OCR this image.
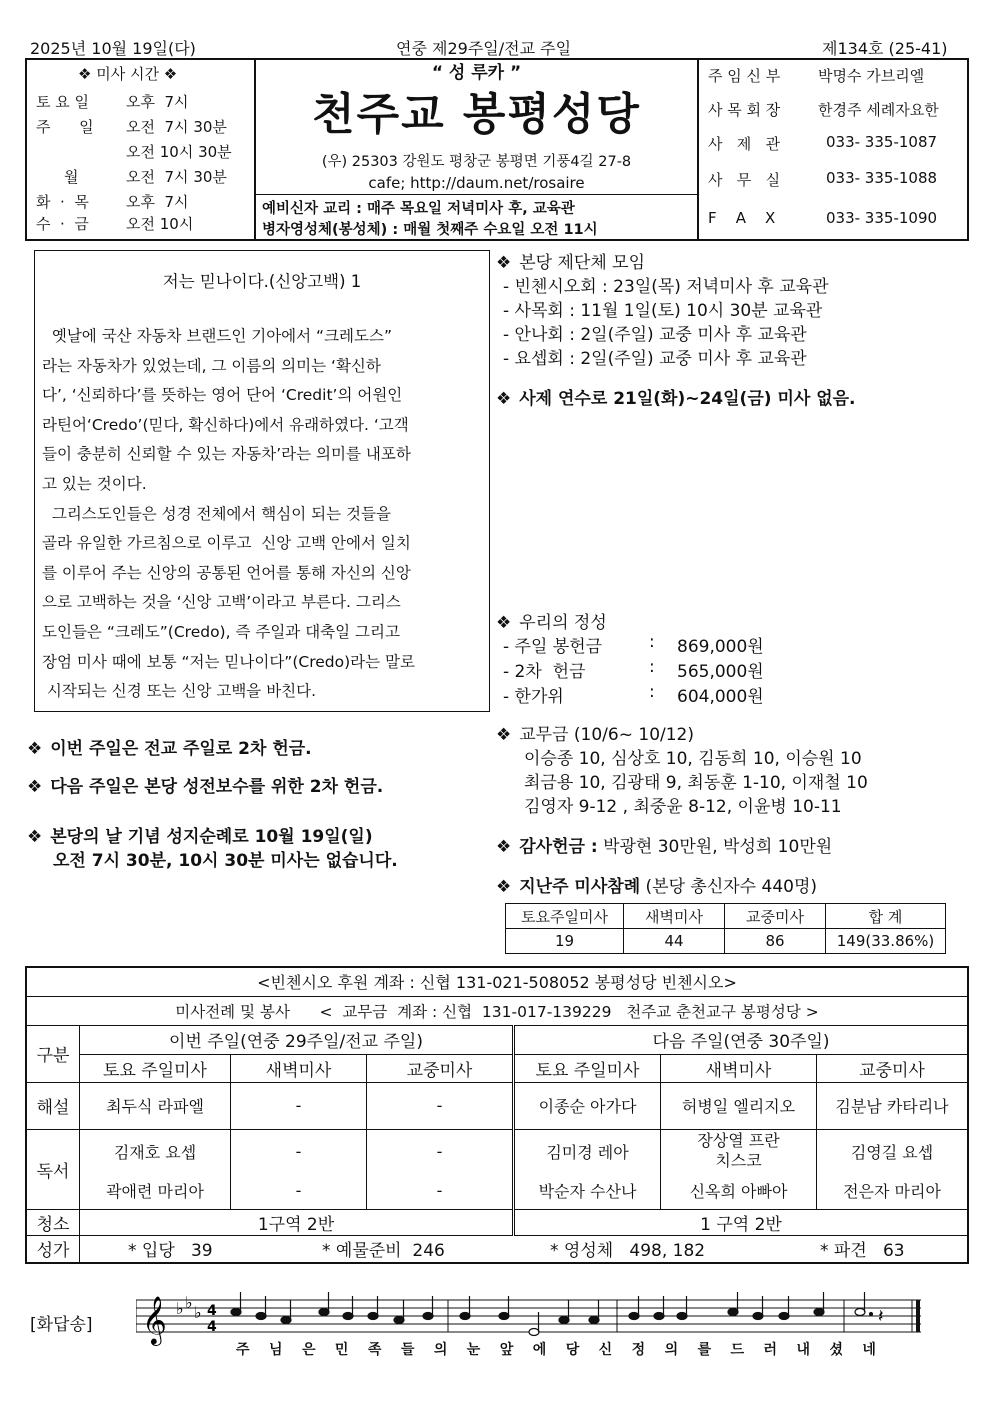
2025년 10월 19일(다)	연중 제29주일/전교 주일	제134호 (25-41)
❖ 미사 시간 ❖
토 요 일	오후  7시
주      일	오전  7시 30분
오전 10시 30분
월	오전  7시 30분
화  ·  목	오후  7시
수  ·  금	오전 10시
“ 성 루카 ”
천주교 봉평성당
(우) 25303 강원도 평창군 봉평면 기풍4길 27-8
cafe; http://daum.net/rosaire
예비신자 교리 : 매주 목요일 저녁미사 후, 교육관
병자영성체(봉성체) : 매월 첫째주 수요일 오전 11시
주 임 신 부	박명수 가브리엘
사 목 회 장	한경주 세례자요한
사   제   관	033- 335-1087
사   무   실	033- 335-1088
F    A    X	033- 335-1090
저는 믿나이다.(신앙고백) 1
옛날에 국산 자동차 브랜드인 기아에서 “크레도스”
라는 자동차가 있었는데, 그 이름의 의미는 ‘확신하
다’, ‘신뢰하다’를 뜻하는 영어 단어 ‘Credit’의 어원인
라틴어‘Credo’(믿다, 확신하다)에서 유래하였다. ‘고객
들이 충분히 신뢰할 수 있는 자동차’라는 의미를 내포하
고 있는 것이다.
그리스도인들은 성경 전체에서 핵심이 되는 것들을
골라 유일한 가르침으로 이루고  신앙 고백 안에서 일치
를 이루어 주는 신앙의 공통된 언어를 통해 자신의 신앙
으로 고백하는 것을 ‘신앙 고백’이라고 부른다. 그리스
도인들은 “크레도”(Credo), 즉 주일과 대축일 그리고
장엄 미사 때에 보통 “저는 믿나이다”(Credo)라는 말로
시작되는 신경 또는 신앙 고백을 바친다.
❖ 이번 주일은 전교 주일로 2차 헌금.
❖ 다음 주일은 본당 성전보수를 위한 2차 헌금.
❖ 본당의 날 기념 성지순례로 10월 19일(일)
오전 7시 30분, 10시 30분 미사는 없습니다.
❖ 본당 제단체 모임
- 빈첸시오회 : 23일(목) 저녁미사 후 교육관
- 사목회 : 11월 1일(토) 10시 30분 교육관
- 안나회 : 2일(주일) 교중 미사 후 교육관
- 요셉회 : 2일(주일) 교중 미사 후 교육관
❖ 사제 연수로 21일(화)~24일(금) 미사 없음.
❖ 우리의 정성
- 주일 봉헌금	:	869,000원
- 2차  헌금	:	565,000원
- 한가위	:	604,000원
❖ 교무금 (10/6~ 10/12)
이승종 10, 심상호 10, 김동희 10, 이승원 10
최금용 10, 김광태 9, 최동훈 1-10, 이재철 10
김영자 9-12 , 최중윤 8-12, 이윤병 10-11
❖ 감사헌금 : 박광현 30만원, 박성희 10만원
❖ 지난주 미사참례 (본당 총신자수 440명)
토요주일미사	새벽미사	교중미사	합 계
19	44	86	149(33.86%)
<빈첸시오 후원 계좌 : 신협 131-021-508052 봉평성당 빈첸시오>						
미사전례 및 봉사 <  교무금  계좌 : 신협  131-017-139229   천주교 춘천교구 봉평성당 >						
구분	이번 주일(연중 29주일/전교 주일)			다음 주일(연중 30주일)		
	토요 주일미사	새벽미사	교중미사	토요 주일미사	새벽미사	교중미사
해설	최두식 라파엘	-	-	이종순 아가다	허병일 엘리지오	김분남 카타리나
독서	김재호 요셉	-	-	김미경 레아	장상열 프란치스코	김영길 요셉
	곽애련 마리아	-	-	박순자 수산나	신옥희 아빠아	전은자 마리아
청소	1구역 2반			1 구역 2반		
성가	* 입당   39 * 예물준비  246 * 영성체   498, 182 * 파견   63					
[화답송] 𝄞 ♭ ♭
♭ 4
4	𝄽
주 님 은 민 족 들 의 눈 앞 에 당 신 정 의 를 드 러 내 셨 네
